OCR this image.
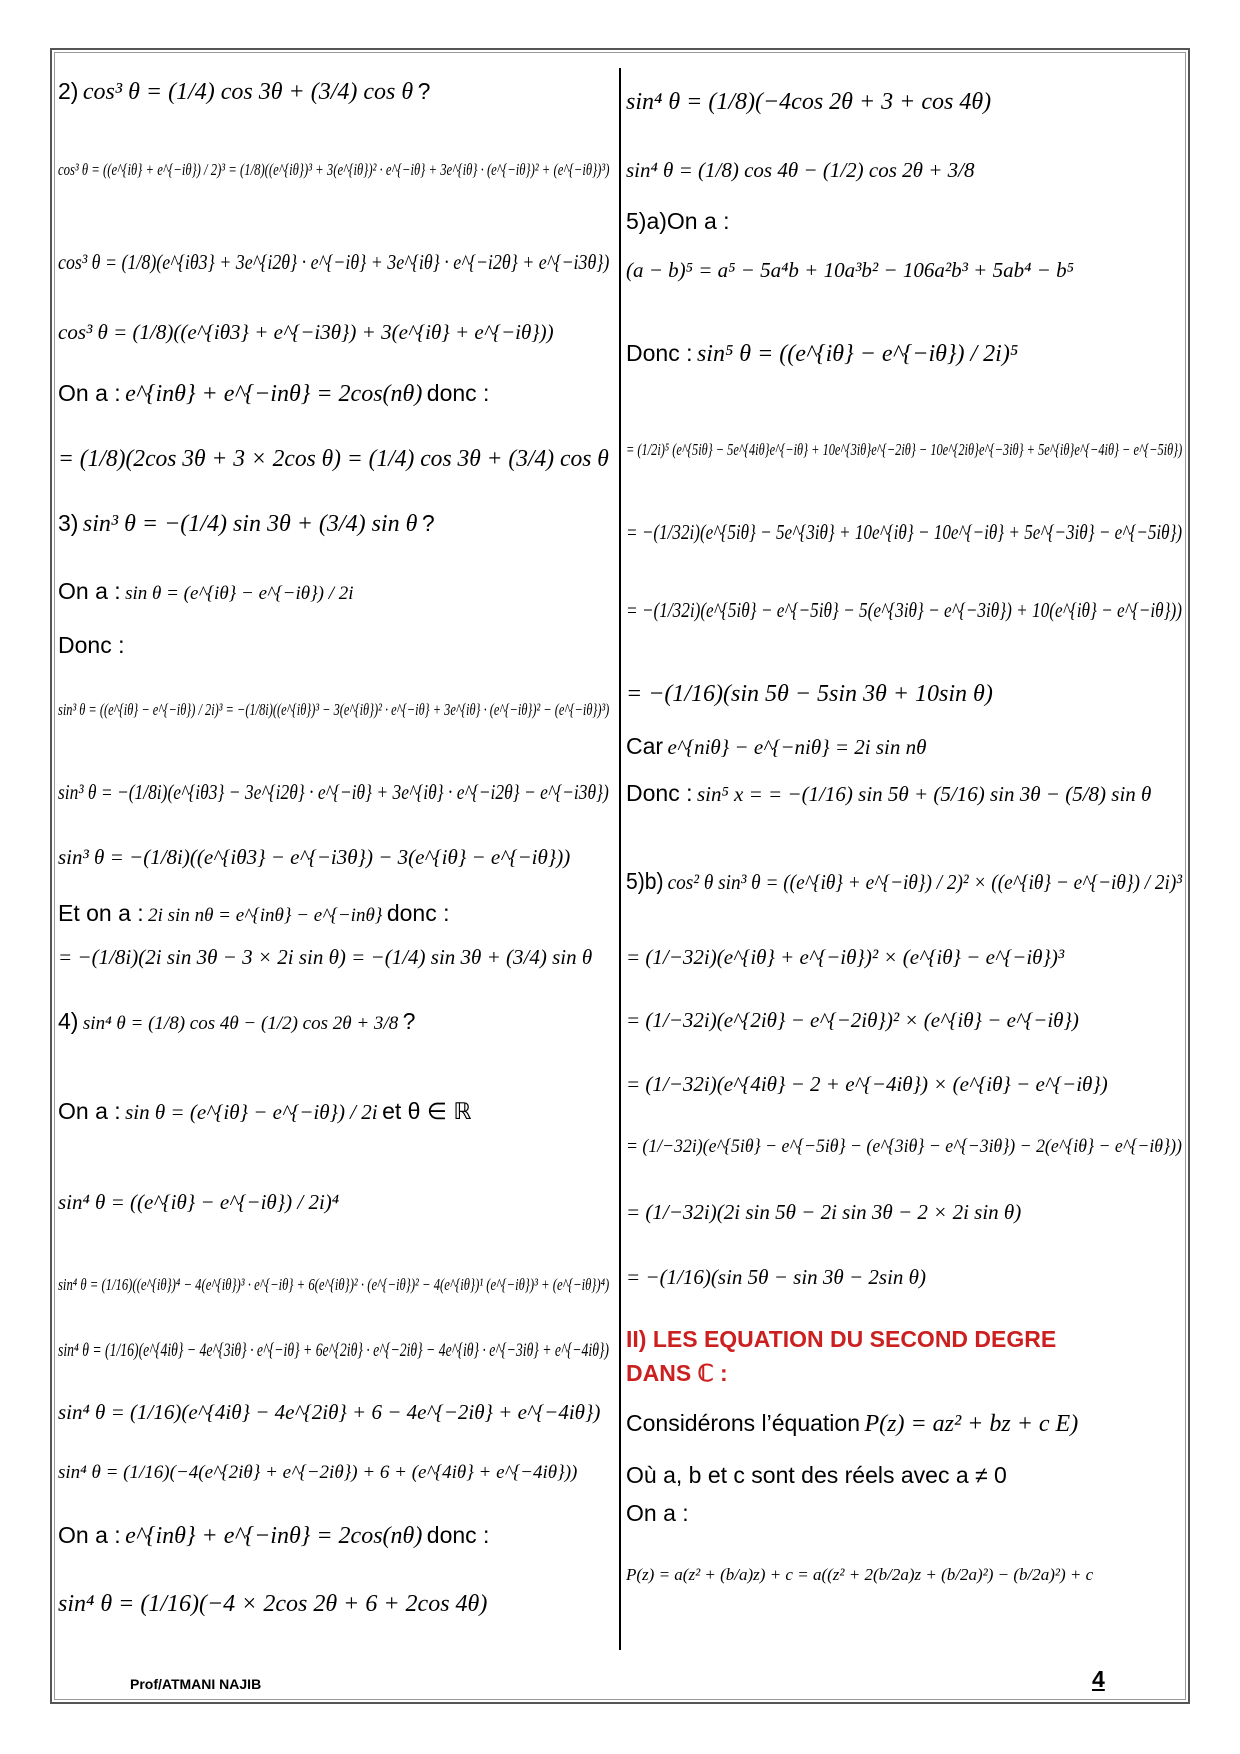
2) cos³ θ = (1/4) cos 3θ + (3/4) cos θ ?
cos³ θ = ((e^{iθ} + e^{−iθ}) / 2)³ = (1/8)((e^{iθ})³ + 3(e^{iθ})² · e^{−iθ} + 3e^{iθ} · (e^{−iθ})² + (e^{−iθ})³)
cos³ θ = (1/8)(e^{iθ3} + 3e^{i2θ} · e^{−iθ} + 3e^{iθ} · e^{−i2θ} + e^{−i3θ})
cos³ θ = (1/8)((e^{iθ3} + e^{−i3θ}) + 3(e^{iθ} + e^{−iθ}))
On a : e^{inθ} + e^{−inθ} = 2cos(nθ) donc :
= (1/8)(2cos 3θ + 3 × 2cos θ) = (1/4) cos 3θ + (3/4) cos θ
3) sin³ θ = −(1/4) sin 3θ + (3/4) sin θ ?
On a : sin θ = (e^{iθ} − e^{−iθ}) / 2i
Donc :
sin³ θ = ((e^{iθ} − e^{−iθ}) / 2i)³ = −(1/8i)((e^{iθ})³ − 3(e^{iθ})² · e^{−iθ} + 3e^{iθ} · (e^{−iθ})² − (e^{−iθ})³)
sin³ θ = −(1/8i)(e^{iθ3} − 3e^{i2θ} · e^{−iθ} + 3e^{iθ} · e^{−i2θ} − e^{−i3θ})
sin³ θ = −(1/8i)((e^{iθ3} − e^{−i3θ}) − 3(e^{iθ} − e^{−iθ}))
Et on a : 2i sin nθ = e^{inθ} − e^{−inθ} donc :
= −(1/8i)(2i sin 3θ − 3 × 2i sin θ) = −(1/4) sin 3θ + (3/4) sin θ
4) sin⁴ θ = (1/8) cos 4θ − (1/2) cos 2θ + 3/8 ?
On a : sin θ = (e^{iθ} − e^{−iθ}) / 2i et θ ∈ ℝ
sin⁴ θ = ((e^{iθ} − e^{−iθ}) / 2i)⁴
sin⁴ θ = (1/16)((e^{iθ})⁴ − 4(e^{iθ})³ · e^{−iθ} + 6(e^{iθ})² · (e^{−iθ})² − 4(e^{iθ})¹ (e^{−iθ})³ + (e^{−iθ})⁴)
sin⁴ θ = (1/16)(e^{4iθ} − 4e^{3iθ} · e^{−iθ} + 6e^{2iθ} · e^{−2iθ} − 4e^{iθ} · e^{−3iθ} + e^{−4iθ})
sin⁴ θ = (1/16)(e^{4iθ} − 4e^{2iθ} + 6 − 4e^{−2iθ} + e^{−4iθ})
sin⁴ θ = (1/16)(−4(e^{2iθ} + e^{−2iθ}) + 6 + (e^{4iθ} + e^{−4iθ}))
On a : e^{inθ} + e^{−inθ} = 2cos(nθ) donc :
sin⁴ θ = (1/16)(−4 × 2cos 2θ + 6 + 2cos 4θ)
sin⁴ θ = (1/8)(−4cos 2θ + 3 + cos 4θ)
sin⁴ θ = (1/8) cos 4θ − (1/2) cos 2θ + 3/8
5)a)On a :
(a − b)⁵ = a⁵ − 5a⁴b + 10a³b² − 106a²b³ + 5ab⁴ − b⁵
Donc : sin⁵ θ = ((e^{iθ} − e^{−iθ}) / 2i)⁵
= (1/2i)⁵ (e^{5iθ} − 5e^{4iθ}e^{−iθ} + 10e^{3iθ}e^{−2iθ} − 10e^{2iθ}e^{−3iθ} + 5e^{iθ}e^{−4iθ} − e^{−5iθ})
= −(1/32i)(e^{5iθ} − 5e^{3iθ} + 10e^{iθ} − 10e^{−iθ} + 5e^{−3iθ} − e^{−5iθ})
= −(1/32i)(e^{5iθ} − e^{−5iθ} − 5(e^{3iθ} − e^{−3iθ}) + 10(e^{iθ} − e^{−iθ}))
= −(1/16)(sin 5θ − 5sin 3θ + 10sin θ)
Car e^{niθ} − e^{−niθ} = 2i sin nθ
Donc : sin⁵ x = = −(1/16) sin 5θ + (5/16) sin 3θ − (5/8) sin θ
5)b) cos² θ sin³ θ = ((e^{iθ} + e^{−iθ}) / 2)² × ((e^{iθ} − e^{−iθ}) / 2i)³
= (1/−32i)(e^{iθ} + e^{−iθ})² × (e^{iθ} − e^{−iθ})³
= (1/−32i)(e^{2iθ} − e^{−2iθ})² × (e^{iθ} − e^{−iθ})
= (1/−32i)(e^{4iθ} − 2 + e^{−4iθ}) × (e^{iθ} − e^{−iθ})
= (1/−32i)(e^{5iθ} − e^{−5iθ} − (e^{3iθ} − e^{−3iθ}) − 2(e^{iθ} − e^{−iθ}))
= (1/−32i)(2i sin 5θ − 2i sin 3θ − 2 × 2i sin θ)
= −(1/16)(sin 5θ − sin 3θ − 2sin θ)
II) LES EQUATION DU SECOND DEGRE
DANS ℂ :
Considérons l’équation P(z) = az² + bz + c E)
Où a, b et c sont des réels avec a ≠ 0
On a :
P(z) = a(z² + (b/a)z) + c = a((z² + 2(b/2a)z + (b/2a)²) − (b/2a)²) + c
Prof/ATMANI NAJIB	4
